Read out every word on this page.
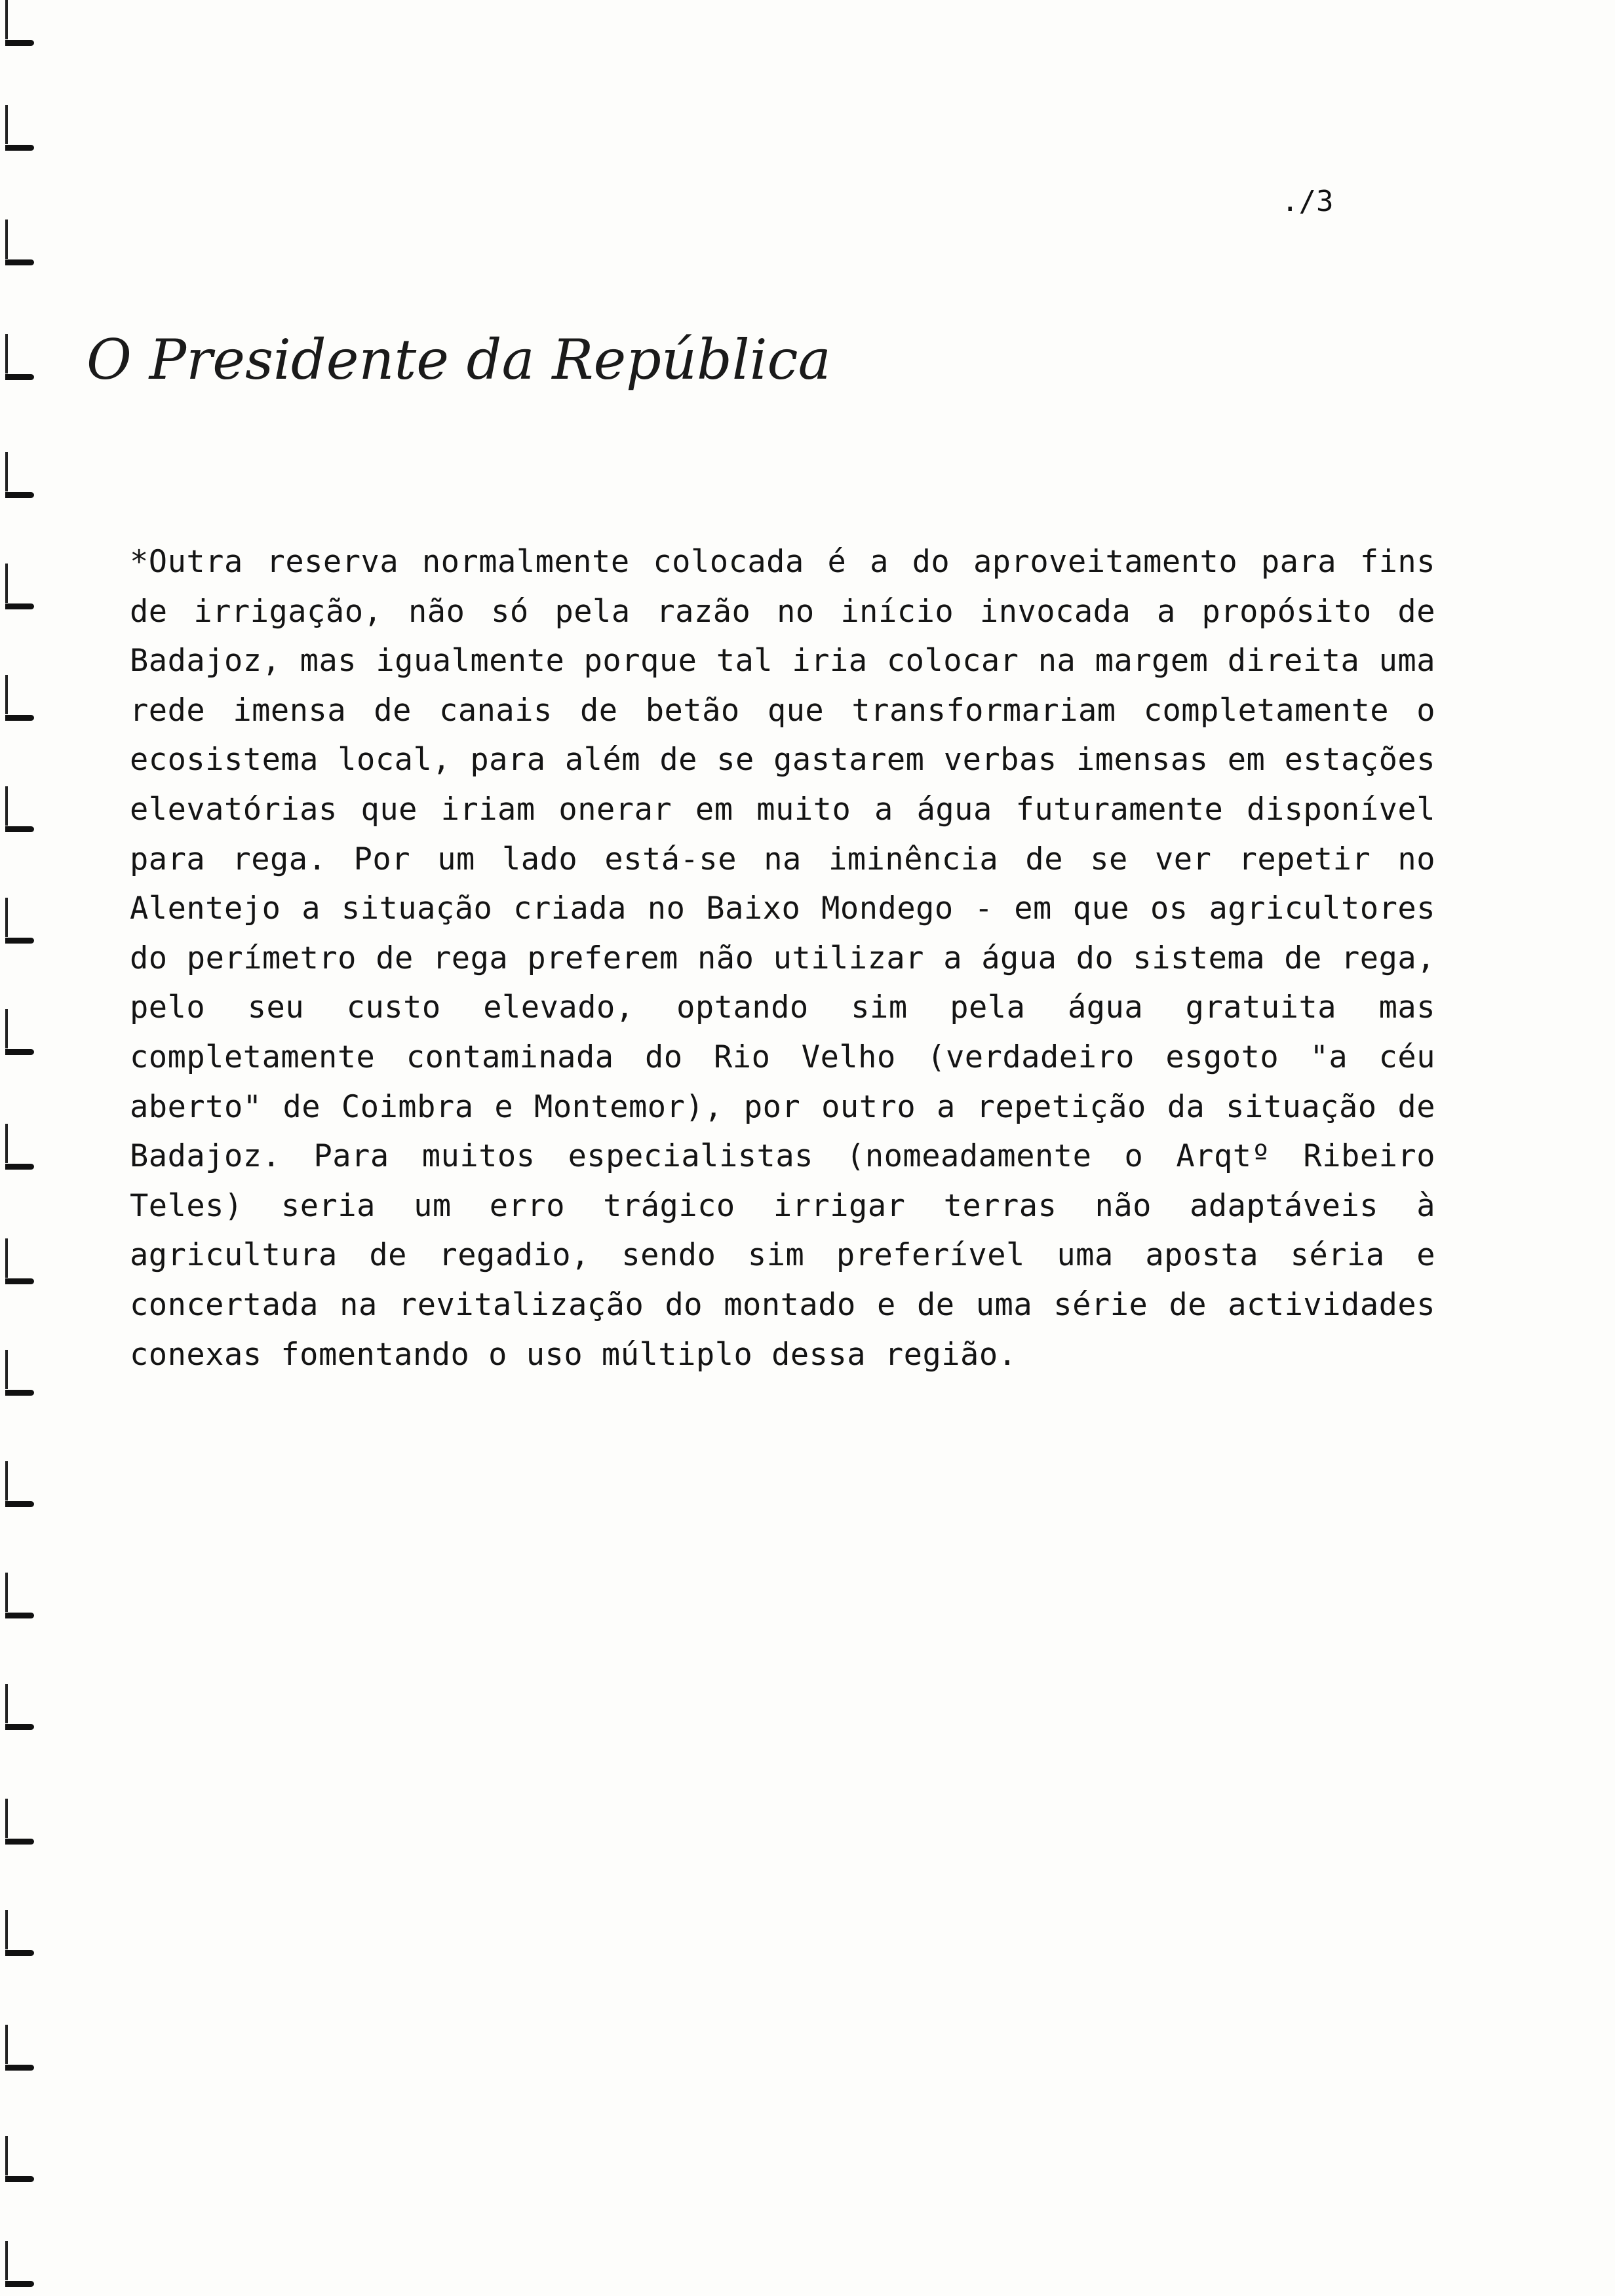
./3
O Presidente da República
*Outra reserva normalmente colocada é a do aproveitamento para fins de irrigação, não só pela razão no início invocada a propósito de Badajoz, mas igualmente porque tal iria colocar na margem direita uma rede imensa de canais de betão que transformariam completamente o ecosistema local, para além de se gastarem verbas imensas em estações elevatórias que iriam onerar em muito a água futuramente disponível para rega. Por um lado está-se na iminência de se ver repetir no Alentejo a situação criada no Baixo Mondego - em que os agricultores do perímetro de rega preferem não utilizar a água do sistema de rega, pelo seu custo elevado, optando sim pela água gratuita mas completamente contaminada do Rio Velho (verdadeiro esgoto "a céu aberto" de Coimbra e Montemor), por outro a repetição da situação de Badajoz. Para muitos especialistas (nomeadamente o Arqtº Ribeiro Teles) seria um erro trágico irrigar terras não adaptáveis à agricultura de regadio, sendo sim preferível uma aposta séria e concertada na revitalização do montado e de uma série de actividades conexas fomentando o uso múltiplo dessa região.
